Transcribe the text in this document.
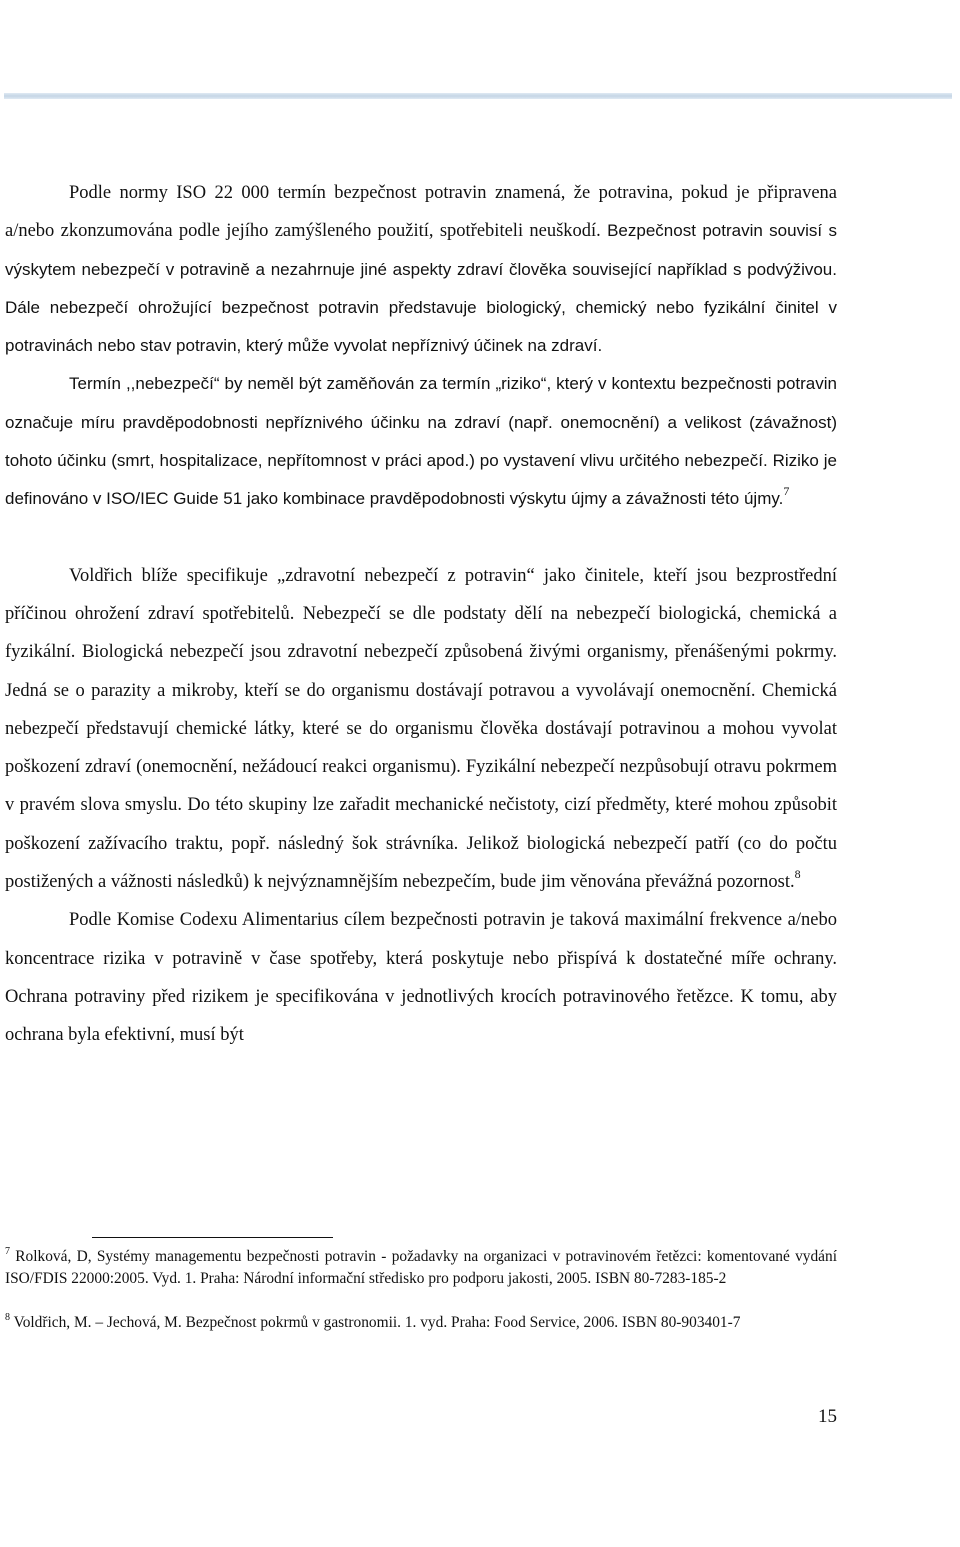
Podle normy ISO 22 000 termín bezpečnost potravin znamená, že potravina, pokud je připravena a/nebo zkonzumována podle jejího zamýšleného použití, spotřebiteli neuškodí. Bezpečnost potravin souvisí s výskytem nebezpečí v potravině a nezahrnuje jiné aspekty zdraví člověka související například s podvýživou. Dále nebezpečí ohrožující bezpečnost potravin představuje biologický, chemický nebo fyzikální činitel v potravinách nebo stav potravin, který může vyvolat nepříznivý účinek na zdraví.

Termín ,,nebezpečí“ by neměl být zaměňován za termín „riziko“, který v kontextu bezpečnosti potravin označuje míru pravděpodobnosti nepříznivého účinku na zdraví (např. onemocnění) a velikost (závažnost) tohoto účinku (smrt, hospitalizace, nepřítomnost v práci apod.) po vystavení vlivu určitého nebezpečí. Riziko je definováno v ISO/IEC Guide 51 jako kombinace pravděpodobnosti výskytu újmy a závažnosti této újmy.$^7$

Voldřich blíže specifikuje „zdravotní nebezpečí z potravin“ jako činitele, kteří jsou bezprostřední příčinou ohrožení zdraví spotřebitelů. Nebezpečí se dle podstaty dělí na nebezpečí biologická, chemická a fyzikální. Biologická nebezpečí jsou zdravotní nebezpečí způsobená živými organismy, přenášenými pokrmy. Jedná se o parazity a mikroby, kteří se do organismu dostávají potravou a vyvolávají onemocnění. Chemická nebezpečí představují chemické látky, které se do organismu člověka dostávají potravinou a mohou vyvolat poškození zdraví (onemocnění, nežádoucí reakci organismu). Fyzikální nebezpečí nezpůsobují otravu pokrmem v pravém slova smyslu. Do této skupiny lze zařadit mechanické nečistoty, cizí předměty, které mohou způsobit poškození zažívacího traktu, popř. následný šok strávníka. Jelikož biologická nebezpečí patří (co do počtu postižených a vážnosti následků) k nejvýznamnějším nebezpečím, bude jim věnována převážná pozornost.$^8$

Podle Komise Codexu Alimentarius cílem bezpečnosti potravin je taková maximální frekvence a/nebo koncentrace rizika v potravině v čase spotřeby, která poskytuje nebo přispívá k dostatečné míře ochrany. Ochrana potraviny před rizikem je specifikována v jednotlivých krocích potravinového řetězce. K tomu, aby ochrana byla efektivní, musí být

$^7$ Rolková, D, Systémy managementu bezpečnosti potravin - požadavky na organizaci v potravinovém řetězci: komentované vydání ISO/FDIS 22000:2005. Vyd. 1. Praha: Národní informační středisko pro podporu jakosti, 2005. ISBN 80-7283-185-2

$^8$ Voldřich, M. – Jechová, M. Bezpečnost pokrmů v gastronomii. 1. vyd. Praha: Food Service, 2006. ISBN 80-903401-7

15
